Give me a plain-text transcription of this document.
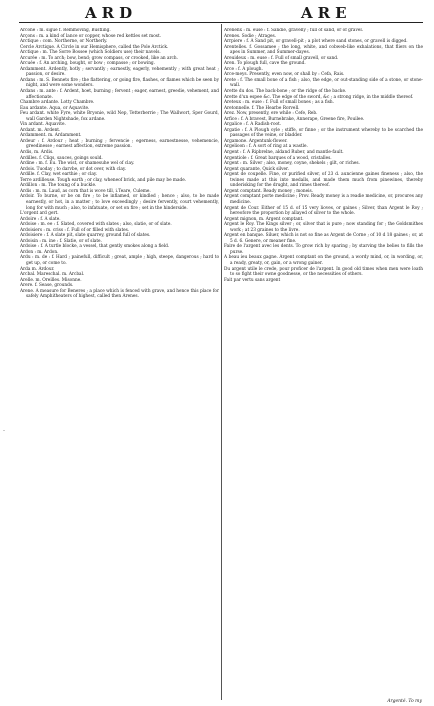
ARD	ARE

Arcone : m. sigue f. Remmoving, Bustling.

Arçons : m. a kind of lance or copper, whose red kettles set most.

Arctique : com. Northerne, or Northerly.

Cercle Arctique. A Circle in our Hemisphere, called the Pole Arctick.

Arctique : m. The Sorre Bossee (which Soldiers use) their navels.

Arcurée : m. To arch; bow, bend; grow compass, or crooked, like an arch.

Arcuée : f. An arching, bought, or bow ; compasse ; or bowing.

Ardamment. Ardently, hotly ; servantly ; earnestly, eagerly, vehemently ; with great heat ; passion, or desire.

Ardans : m. S. Bennets fire ; the flattering, or going fire, flashes, or flames which be seen by night, and were some wonders.

Ardans : m. ante : f. Ardent, hoet, burning ; fervent ; eager, earnest, greedie, vehement, and affectionate.

Chambre ardante. Lotty Chambre.

Eau ardante. Aqua, or Aquavite.

Feu ardant. white Fyre, white Bryonie, wild Nep, Tetterberrie ; The Wallwort, Sper Gourd, wall Garden Nightshade, fox ardane.

Vin ardant. Aquavite.

Ardant. m. Ardent.

Ardamment. m. Ardamment.

Ardeur : f. Ardour ; heat ; burning ; fervencie ; egerness, earnestnesse, vehemencie, greedinesse ; earnest affection, extreme passion.

Ardis, m. Ardis.

Ardilles. f. Cliqs, sauces, goings sould.

Ardine : m. f. Eu. The wist, or shamesuhe wel of clay.

Ardois. Tuoday ; to darvbe, or dot over, with clay.

Ardille. f. Clay, wet earthie ; or clay.

Terre ardilleuse. Tough earth ; or clay, wheneof brick, and pile may be made.

Ardillon : m. The toung of a buckle.

Ardis : m. m. Laud, as corn that is wove till, i.Teare, Culeme.

Ardoir. To burne, or be on fire ; to be inflamed, or kindled ; hence ; also, to be made earnestly, or hot, in a matter ; to love exceedingly ; desire fervently, court vehemently, long for with much ; also, to infatuate, or set on fire ; set in the hinderside.

L'orgent ard gert.

Ardoire : f. A slate.

Ardoise : m. ee : f. Slated, covered with slates ; also, slatie, or of slate.

Ardoisiers : m. criss : f. Full of or filled with slates.

Ardoisiere : f. A slate pit, slate quarrey, ground full of slates.

Ardoisin : m. ine : f. Slatie, or of slate.

Ardoise : f. A turtle blocke, a vessel, that gently smokes along a field.

Ardon : m. Ardon.

Ardu : m. de : f. Hard ; painefull, difficult ; great, ample ; high, steepe, dangerous ; hard to get up, or come to.

Arda m. Ardour.

Arcbal. Mareschal. m. Arcbal.

Arelle. m. Oreilles. Misonne.

Arere. f. Sease, grounds.

Arene. A measure for Beneres ; a place which is fenced with grave, and hence this place for safely Amphitheaters of highest, called then Arenes.

Arenenx : m. euse : f. Sandie, gravelly ; full of sand, or of gravel.

Arenes. Sodie ; Atrages.

Arrpiere : f. A Sand pit, or gravell-pit ; a plot where sand stones, or gravell is digged.

Arentelles. f. Gossamee ; the long, white, and cobweb-like exhalations, that fliers on the apes in Summer, and Summer-dayes.

Areuideux : m. euse : f. Full of small gravell, or sand.

Aren. To plough full, cave the ground.

Arce : f. A plough.

Arce-meys. Presently, even now, or shall by : Cefa, Rais.

Arete : f. The small bone of a fish ; also, the edge, or out-standing side of a stone, or stone-wall.

Arette du dos. The back-bone ; or the ridge of the backe.

Arette d'un espee &c. The edge of the sword, &c ; a strong ridge, in the middle thereof.

Areteux : m. euse : f. Full of small bones ; as a fish.

Aretonnelle. f. The Hearbe Rorvell.

Arez. Now, presently, ere while : Cefe, Reb.

Arfice : f. A bravest, Burnebrake, Annerape, Greene fire, Pouilee.

Argalice : f. A Radish-root.

Argatie : f. A Plough oyle ; stiffe, or finne ; or the instrument whereby to be scarched the passages of the veine, or bladder.

Argamone. Argentunk-flower.

Argelioon : f. A sort of ring at a wastle.

Argent : f. A Ripbrelne, aldand Ruber, and mantle-fault.

Argentiole : f. Great barques of a wood, cristalles.

Argent : m. Silver ; also, money, coyne, shekels ; gilt, or riches.

Argent quarante, Quick silver.

Argent de coupelle. Fine, or purified silver, of 23 d. auncienne gaines fineness ; also, the twines made at this into medalls, and made them much from pinewines, thereby underisking for the drught, and rimes thereof.

Argent comptant. Ready money ; moneis.

Argent comptant porte medicine ; Prov. Ready money is a readie medicine, or, procures any medicine.

Argent de Cour. Either of 15 d. of 15 very lioves, or gaines ; Silver, than Argent le Roy ; hereofore the proportion by allayed of silver to the whole.

Argent mignon, m. Argent comptant.

Argent le Roy. The Kings silver ; or, silver that is pure ; now standing for ; the Goldsmithes work ; at 23 graines to the livre.

Argent en banque. Siluer, which is not so fine as Argent de Corne ; of 10 d 18 gaines ; or, at 5 d. 6. Genere, or meaner fine.

Faire de l'argent avec les dents. To grow rich by sparing ; by starving the belies to fills the purse.

A beau ieu beaux gagne. Argent comptant on the ground, a wordy mind, or, in wording, or, a ready, greaty, or, gain, or a wrong gainer.

Du argent utile le crede, pour proficer de l'argent. In good old times when men were loath to so fight their owne goodnesse, or the necessities of others.

Fait par vertu sans argent

Argenté. To my
